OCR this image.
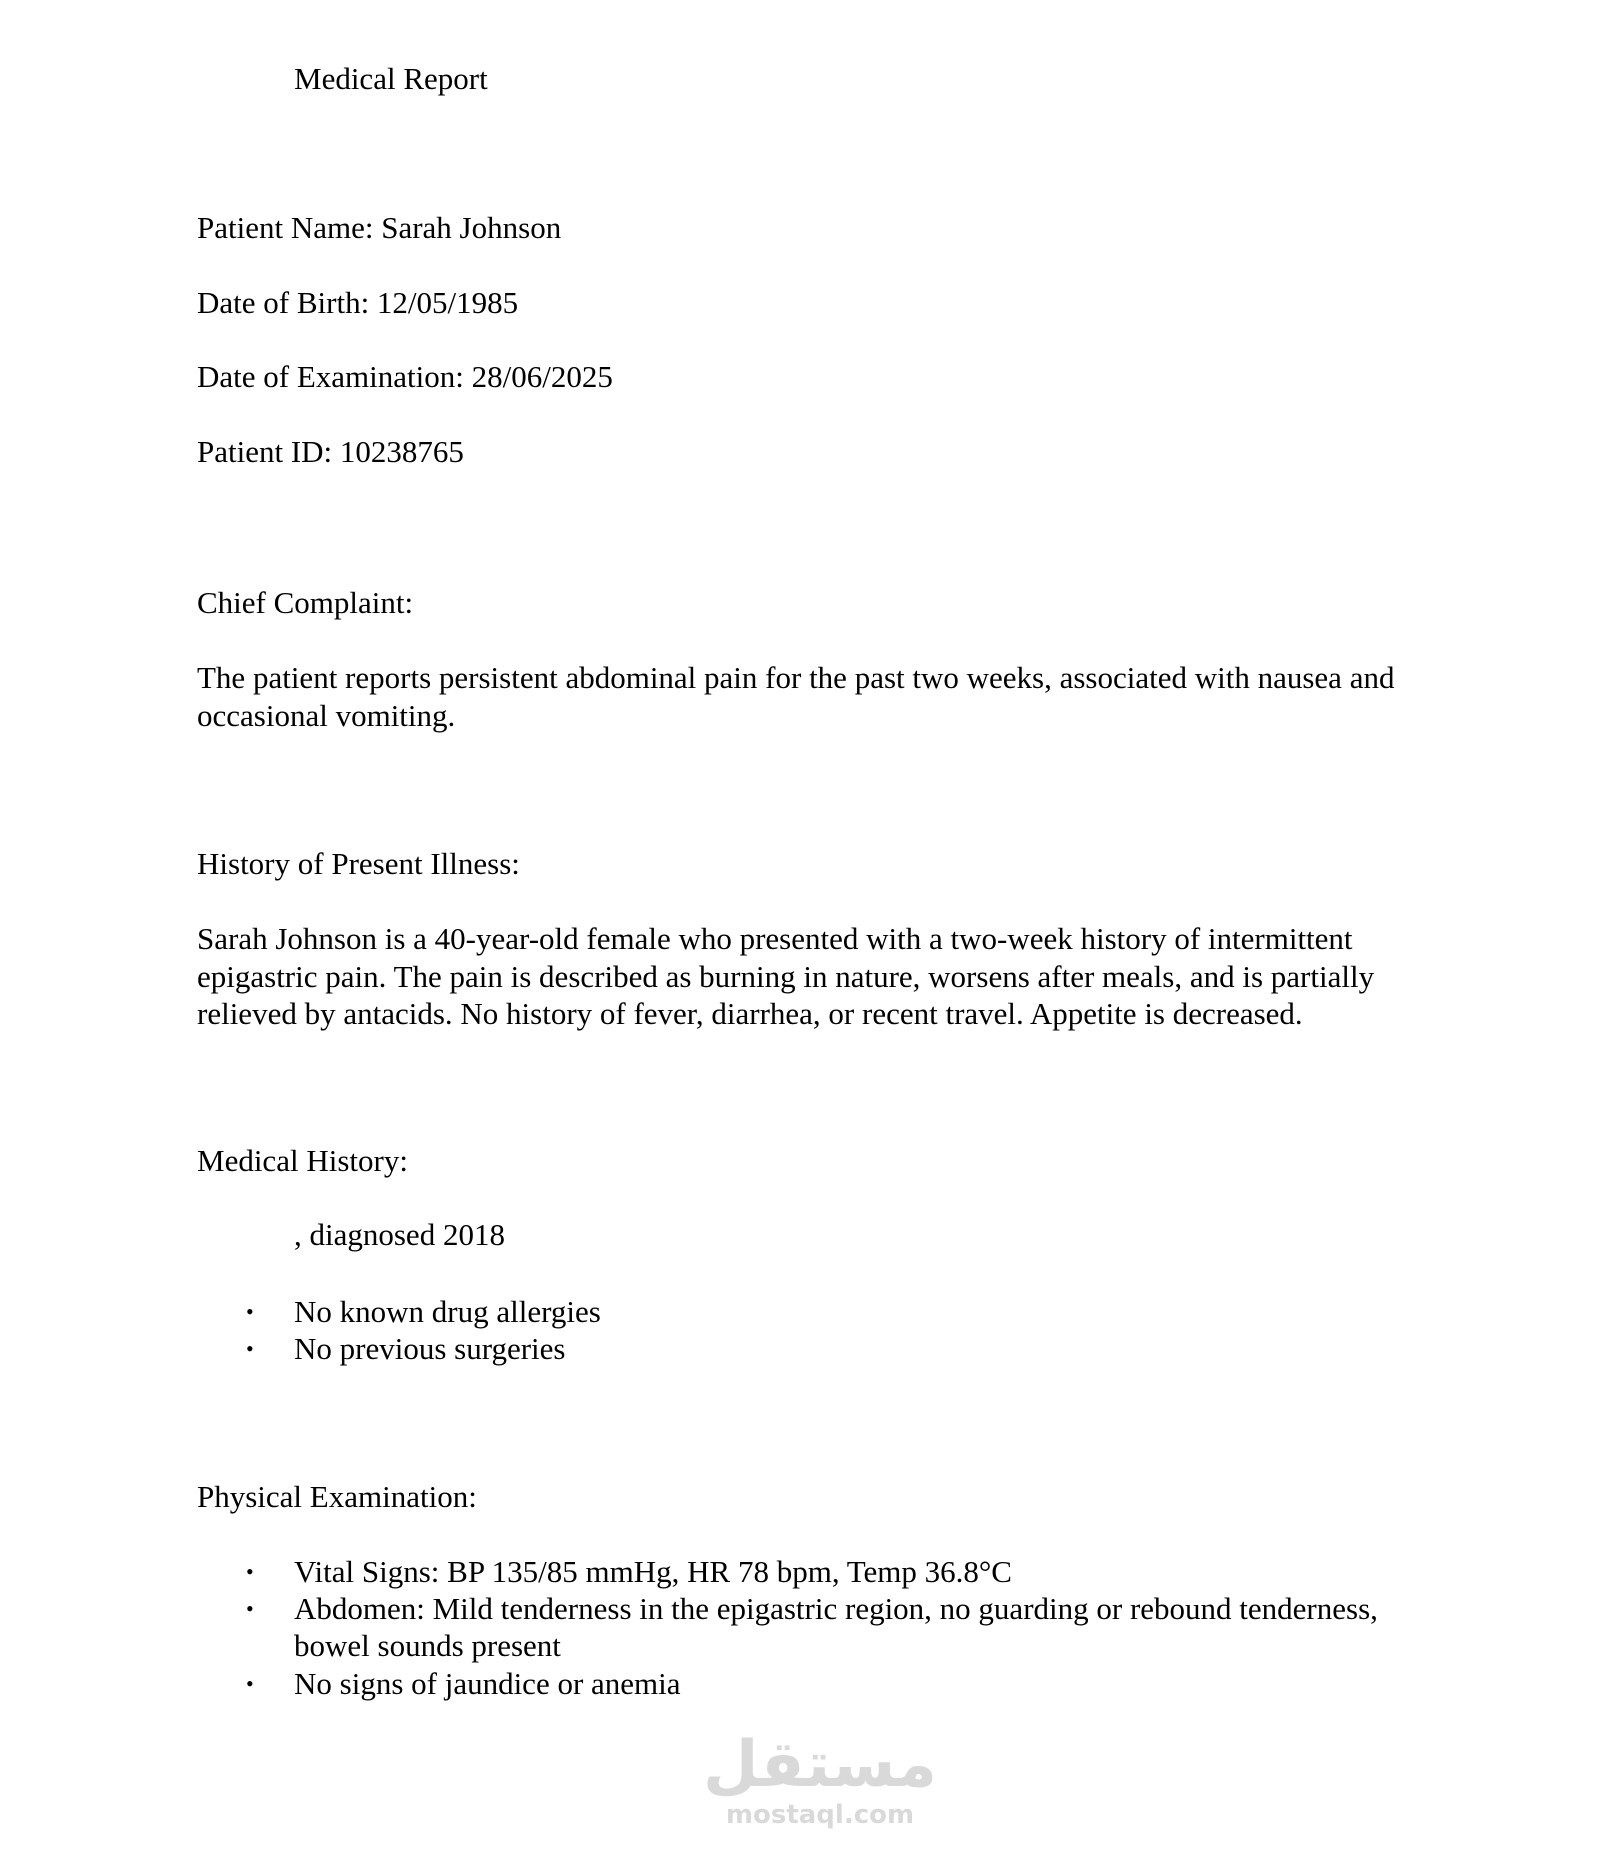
Medical Report

Patient Name: Sarah Johnson

Date of Birth: 12/05/1985

Date of Examination: 28/06/2025

Patient ID: 10238765

Chief Complaint:

The patient reports persistent abdominal pain for the past two weeks, associated with nausea and
occasional vomiting.

History of Present Illness:

Sarah Johnson is a 40-year-old female who presented with a two-week history of intermittent
epigastric pain. The pain is described as burning in nature, worsens after meals, and is partially
relieved by antacids. No history of fever, diarrhea, or recent travel. Appetite is decreased.

Medical History:

, diagnosed 2018

• No known drug allergies

• No previous surgeries

Physical Examination:

• Vital Signs: BP 135/85 mmHg, HR 78 bpm, Temp 36.8°C

• Abdomen: Mild tenderness in the epigastric region, no guarding or rebound tenderness,

bowel sounds present

• No signs of jaundice or anemia

مستقل
mostaql.com
